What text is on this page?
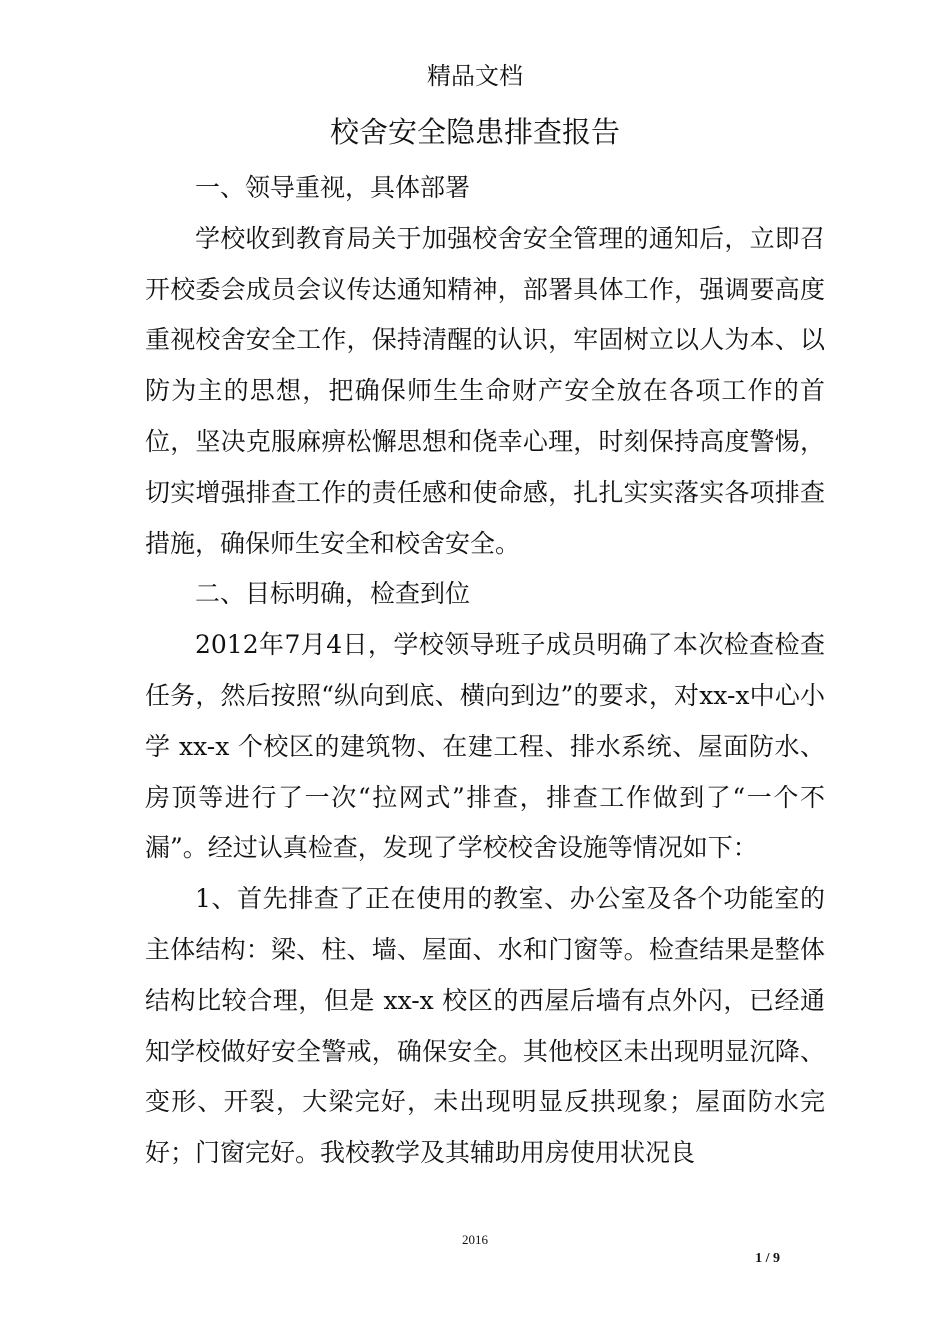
精品文档
校舍安全隐患排查报告

一、领导重视，具体部署

学校收到教育局关于加强校舍安全管理的通知后，立即召开校委会成员会议传达通知精神，部署具体工作，强调要高度重视校舍安全工作，保持清醒的认识，牢固树立以人为本、以防为主的思想，把确保师生生命财产安全放在各项工作的首位，坚决克服麻痹松懈思想和侥幸心理，时刻保持高度警惕，切实增强排查工作的责任感和使命感，扎扎实实落实各项排查措施，确保师生安全和校舍安全。

二、目标明确，检查到位

2012年7月4日，学校领导班子成员明确了本次检查检查任务，然后按照“纵向到底、横向到边”的要求，对xx-x中心小学 xx-x 个校区的建筑物、在建工程、排水系统、屋面防水、房顶等进行了一次“拉网式”排查，排查工作做到了“一个不漏”。经过认真检查，发现了学校校舍设施等情况如下：

1、首先排查了正在使用的教室、办公室及各个功能室的主体结构：梁、柱、墙、屋面、水和门窗等。检查结果是整体结构比较合理，但是 xx-x 校区的西屋后墙有点外闪，已经通知学校做好安全警戒，确保安全。其他校区未出现明显沉降、变形、开裂，大梁完好，未出现明显反拱现象；屋面防水完好；门窗完好。我校教学及其辅助用房使用状况良

2016
1 / 9
